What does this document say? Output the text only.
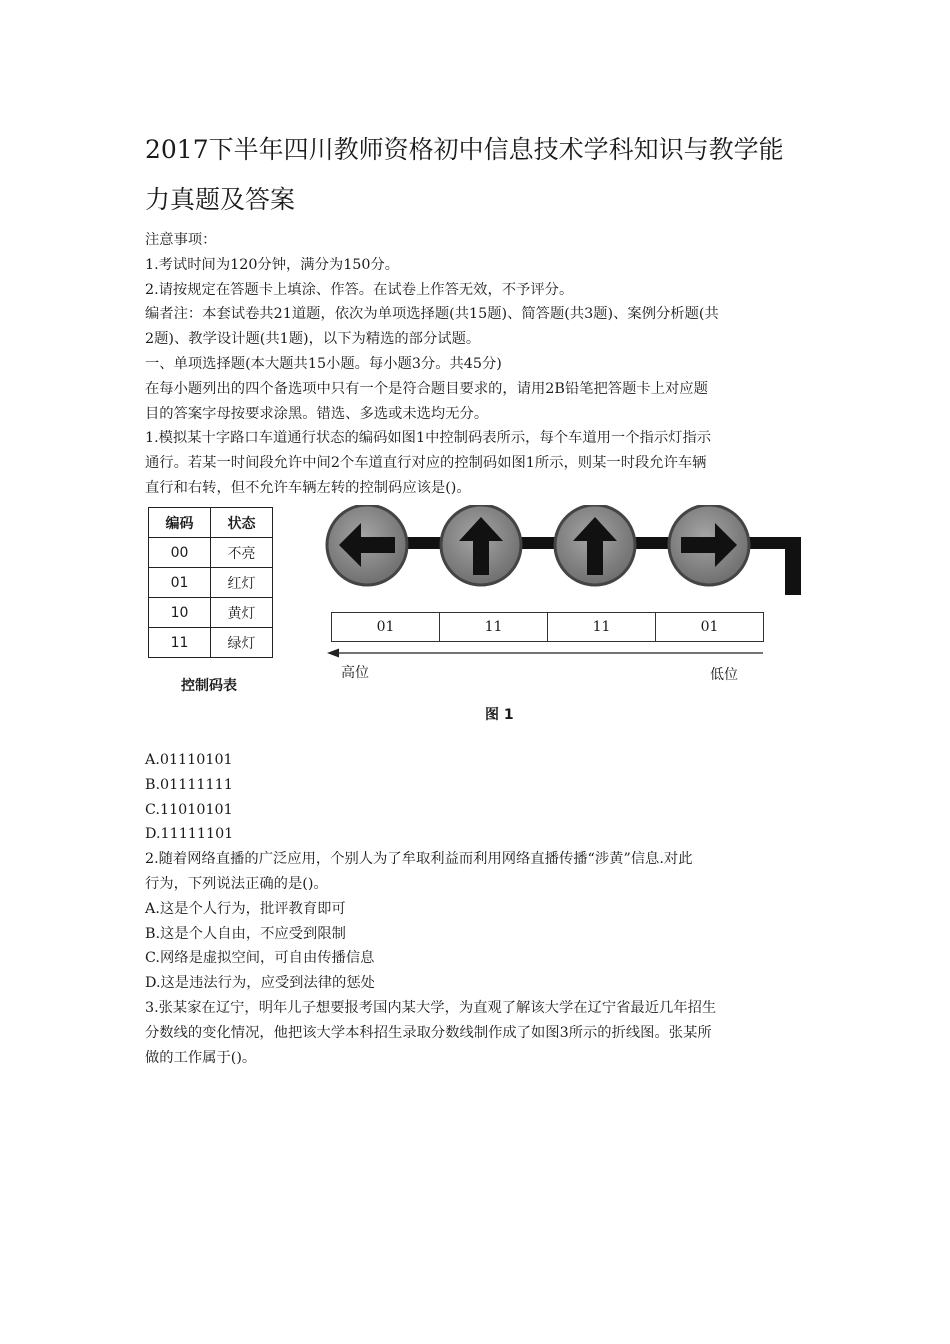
2017下半年四川教师资格初中信息技术学科知识与教学能
力真题及答案

注意事项：

1.考试时间为120分钟，满分为150分。

2.请按规定在答题卡上填涂、作答。在试卷上作答无效，不予评分。

编者注：本套试卷共21道题，依次为单项选择题(共15题)、简答题(共3题)、案例分析题(共

2题)、教学设计题(共1题)，以下为精选的部分试题。

一、单项选择题(本大题共15小题。每小题3分。共45分)

在每小题列出的四个备选项中只有一个是符合题目要求的，请用2B铅笔把答题卡上对应题

目的答案字母按要求涂黑。错选、多选或未选均无分。

1.模拟某十字路口车道通行状态的编码如图1中控制码表所示，每个车道用一个指示灯指示

通行。若某一时间段允许中间2个车道直行对应的控制码如图1所示，则某一时段允许车辆

直行和右转，但不允许车辆左转的控制码应该是()。

编码	状态
00	不亮
01	红灯
10	黄灯
11	绿灯
控制码表
01	11	11	01
高位	低位
图 1

A.01110101

B.01111111

C.11010101

D.11111101

2.随着网络直播的广泛应用，个别人为了牟取利益而利用网络直播传播“涉黄”信息.对此

行为，下列说法正确的是()。

A.这是个人行为，批评教育即可

B.这是个人自由，不应受到限制

C.网络是虚拟空间，可自由传播信息

D.这是违法行为，应受到法律的惩处

3.张某家在辽宁，明年儿子想要报考国内某大学，为直观了解该大学在辽宁省最近几年招生

分数线的变化情况，他把该大学本科招生录取分数线制作成了如图3所示的折线图。张某所

做的工作属于()。
